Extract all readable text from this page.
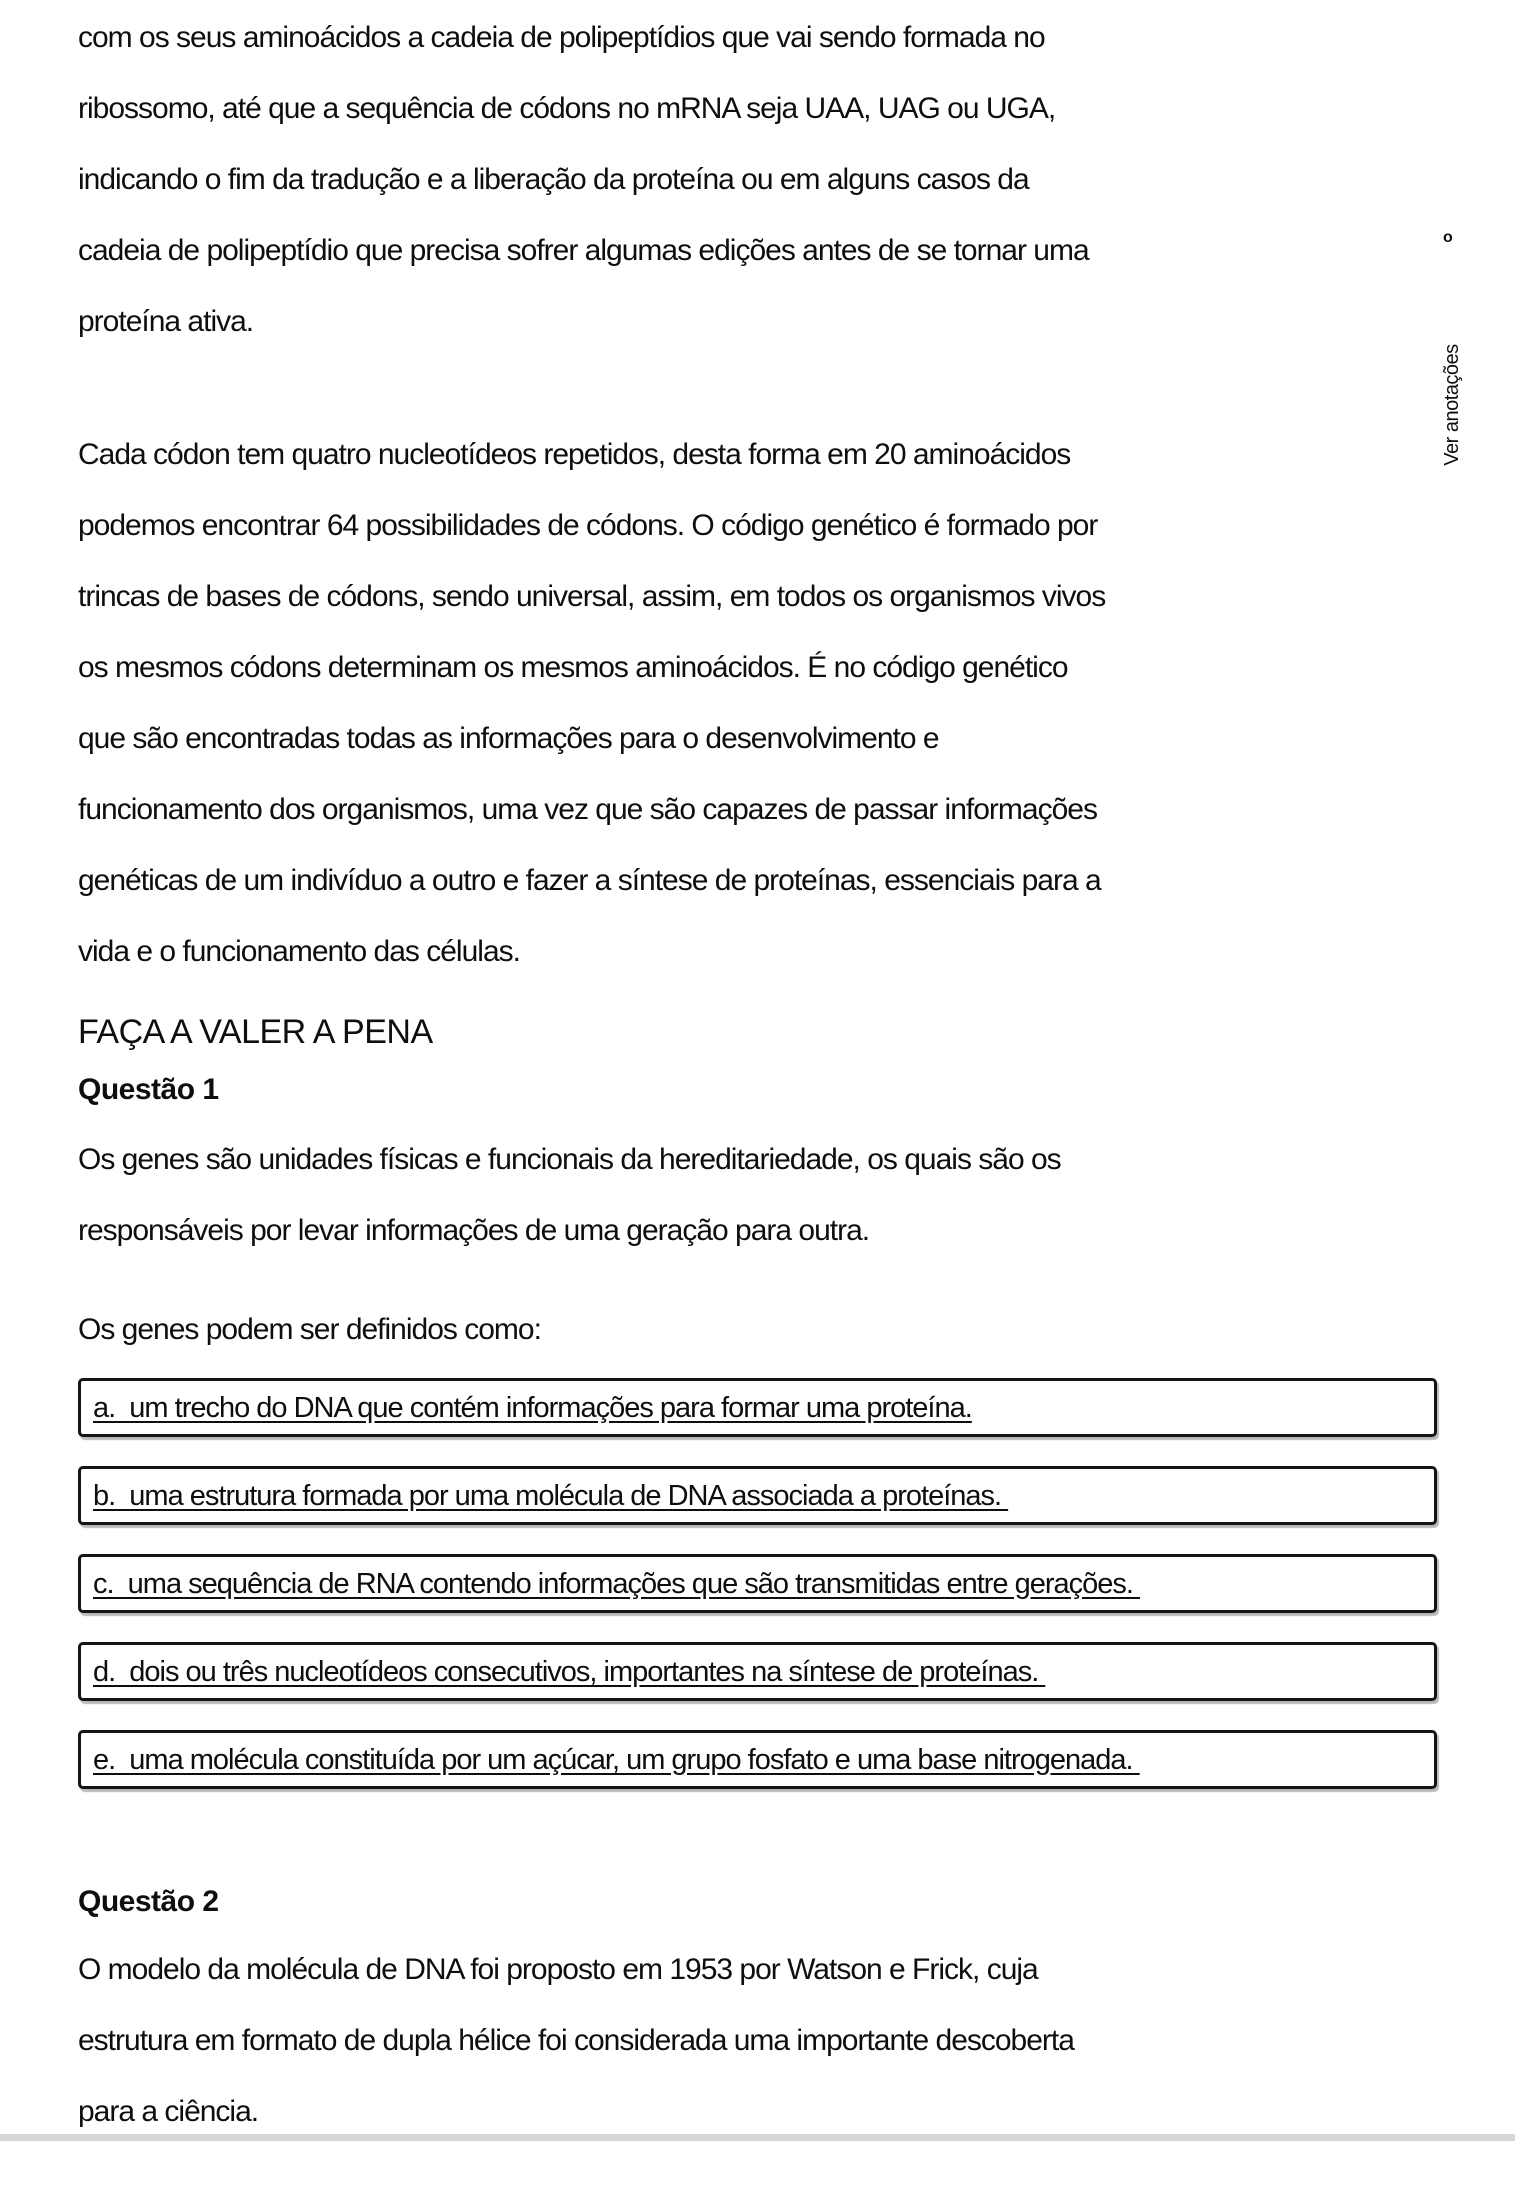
com os seus aminoácidos a cadeia de polipeptídios que vai sendo formada no
ribossomo, até que a sequência de códons no mRNA seja UAA, UAG ou UGA,
indicando o fim da tradução e a liberação da proteína ou em alguns casos da
cadeia de polipeptídio que precisa sofrer algumas edições antes de se tornar uma
proteína ativa.
Cada códon tem quatro nucleotídeos repetidos, desta forma em 20 aminoácidos
podemos encontrar 64 possibilidades de códons. O código genético é formado por
trincas de bases de códons, sendo universal, assim, em todos os organismos vivos
os mesmos códons determinam os mesmos aminoácidos. É no código genético
que são encontradas todas as informações para o desenvolvimento e
funcionamento dos organismos, uma vez que são capazes de passar informações
genéticas de um indivíduo a outro e fazer a síntese de proteínas, essenciais para a
vida e o funcionamento das células.
FAÇA A VALER A PENA
Questão 1
Os genes são unidades físicas e funcionais da hereditariedade, os quais são os
responsáveis por levar informações de uma geração para outra.
Os genes podem ser definidos como:
a.  um trecho do DNA que contém informações para formar uma proteína.
b.  uma estrutura formada por uma molécula de DNA associada a proteínas.
c.  uma sequência de RNA contendo informações que são transmitidas entre gerações.
d.  dois ou três nucleotídeos consecutivos, importantes na síntese de proteínas.
e.  uma molécula constituída por um açúcar, um grupo fosfato e uma base nitrogenada.
Questão 2
O modelo da molécula de DNA foi proposto em 1953 por Watson e Frick, cuja
estrutura em formato de dupla hélice foi considerada uma importante descoberta
para a ciência.
o
Ver anotações
